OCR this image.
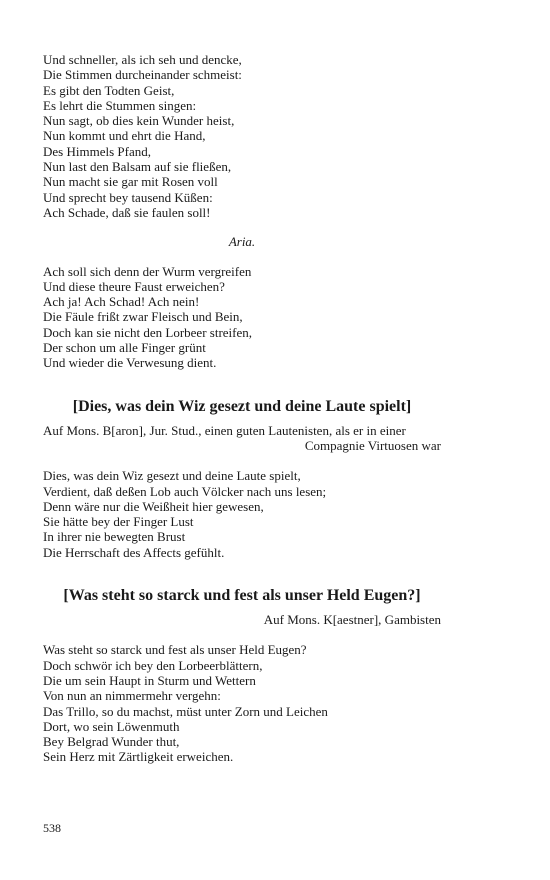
Und schneller, als ich seh und dencke,
Die Stimmen durcheinander schmeist:
Es gibt den Todten Geist,
Es lehrt die Stummen singen:
Nun sagt, ob dies kein Wunder heist,
Nun kommt und ehrt die Hand,
Des Himmels Pfand,
Nun last den Balsam auf sie fließen,
Nun macht sie gar mit Rosen voll
Und sprecht bey tausend Küßen:
Ach Schade, daß sie faulen soll!
Aria.
Ach soll sich denn der Wurm vergreifen
Und diese theure Faust erweichen?
Ach ja! Ach Schad! Ach nein!
Die Fäule frißt zwar Fleisch und Bein,
Doch kan sie nicht den Lorbeer streifen,
Der schon um alle Finger grünt
Und wieder die Verwesung dient.
[Dies, was dein Wiz gesezt und deine Laute spielt]
Auf Mons. B[aron], Jur. Stud., einen guten Lautenisten, als er in einer
Compagnie Virtuosen war
Dies, was dein Wiz gesezt und deine Laute spielt,
Verdient, daß deßen Lob auch Völcker nach uns lesen;
Denn wäre nur die Weißheit hier gewesen,
Sie hätte bey der Finger Lust
In ihrer nie bewegten Brust
Die Herrschaft des Affects gefühlt.
[Was steht so starck und fest als unser Held Eugen?]
Auf Mons. K[aestner], Gambisten
Was steht so starck und fest als unser Held Eugen?
Doch schwör ich bey den Lorbeerblättern,
Die um sein Haupt in Sturm und Wettern
Von nun an nimmermehr vergehn:
Das Trillo, so du machst, müst unter Zorn und Leichen
Dort, wo sein Löwenmuth
Bey Belgrad Wunder thut,
Sein Herz mit Zärtligkeit erweichen.
538
